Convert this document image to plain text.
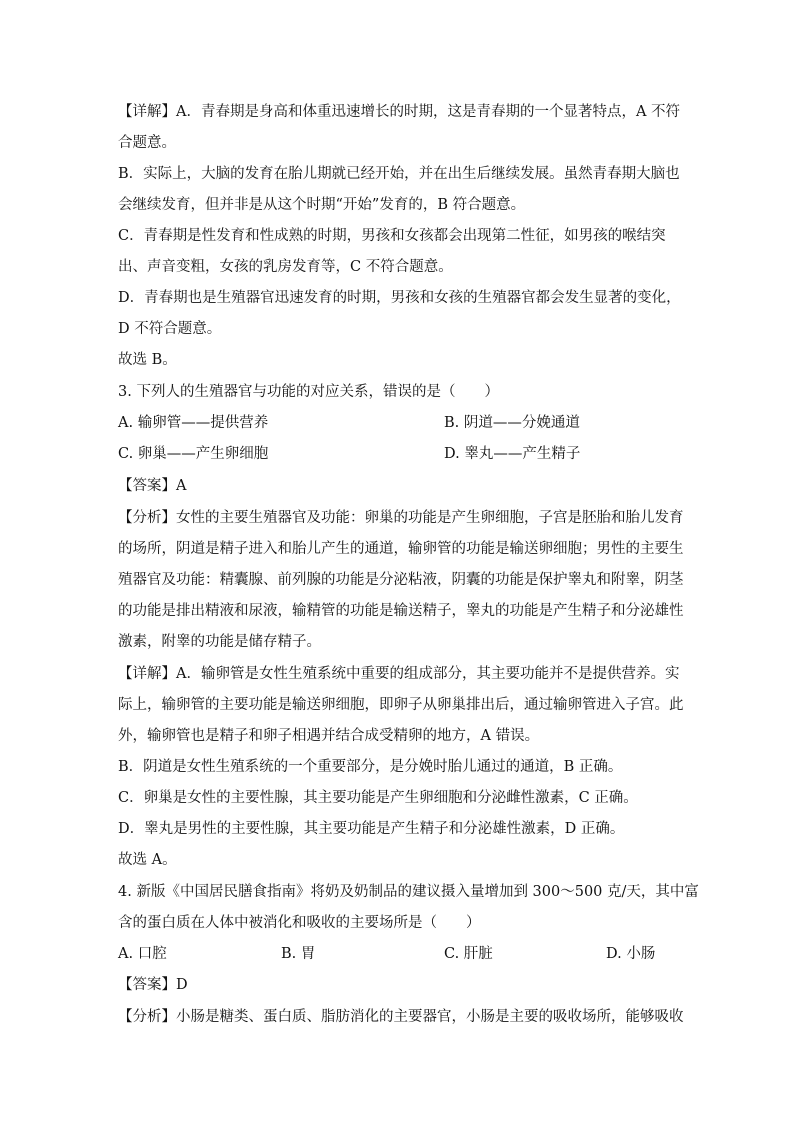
【详解】A．青春期是身高和体重迅速增长的时期，这是青春期的一个显著特点，A 不符
合题意。
B．实际上，大脑的发育在胎儿期就已经开始，并在出生后继续发展。虽然青春期大脑也
会继续发育，但并非是从这个时期“开始”发育的，B 符合题意。
C．青春期是性发育和性成熟的时期，男孩和女孩都会出现第二性征，如男孩的喉结突
出、声音变粗，女孩的乳房发育等，C 不符合题意。
D．青春期也是生殖器官迅速发育的时期，男孩和女孩的生殖器官都会发生显著的变化，
D 不符合题意。
故选 B。
3. 下列人的生殖器官与功能的对应关系，错误的是（　　）
A. 输卵管——提供营养	B. 阴道——分娩通道
C. 卵巢——产生卵细胞	D. 睾丸——产生精子
【答案】A
【分析】女性的主要生殖器官及功能：卵巢的功能是产生卵细胞，子宫是胚胎和胎儿发育
的场所，阴道是精子进入和胎儿产生的通道，输卵管的功能是输送卵细胞；男性的主要生
殖器官及功能：精囊腺、前列腺的功能是分泌粘液，阴囊的功能是保护睾丸和附睾，阴茎
的功能是排出精液和尿液，输精管的功能是输送精子，睾丸的功能是产生精子和分泌雄性
激素，附睾的功能是储存精子。
【详解】A．输卵管是女性生殖系统中重要的组成部分，其主要功能并不是提供营养。实
际上，输卵管的主要功能是输送卵细胞，即卵子从卵巢排出后，通过输卵管进入子宫。此
外，输卵管也是精子和卵子相遇并结合成受精卵的地方，A 错误。
B．阴道是女性生殖系统的一个重要部分，是分娩时胎儿通过的通道，B 正确。
C．卵巢是女性的主要性腺，其主要功能是产生卵细胞和分泌雌性激素，C 正确。
D．睾丸是男性的主要性腺，其主要功能是产生精子和分泌雄性激素，D 正确。
故选 A。
4. 新版《中国居民膳食指南》将奶及奶制品的建议摄入量增加到 300～500 克/天，其中富
含的蛋白质在人体中被消化和吸收的主要场所是（　　）
A. 口腔	B. 胃	C. 肝脏	D. 小肠
【答案】D
【分析】小肠是糖类、蛋白质、脂肪消化的主要器官，小肠是主要的吸收场所，能够吸收
